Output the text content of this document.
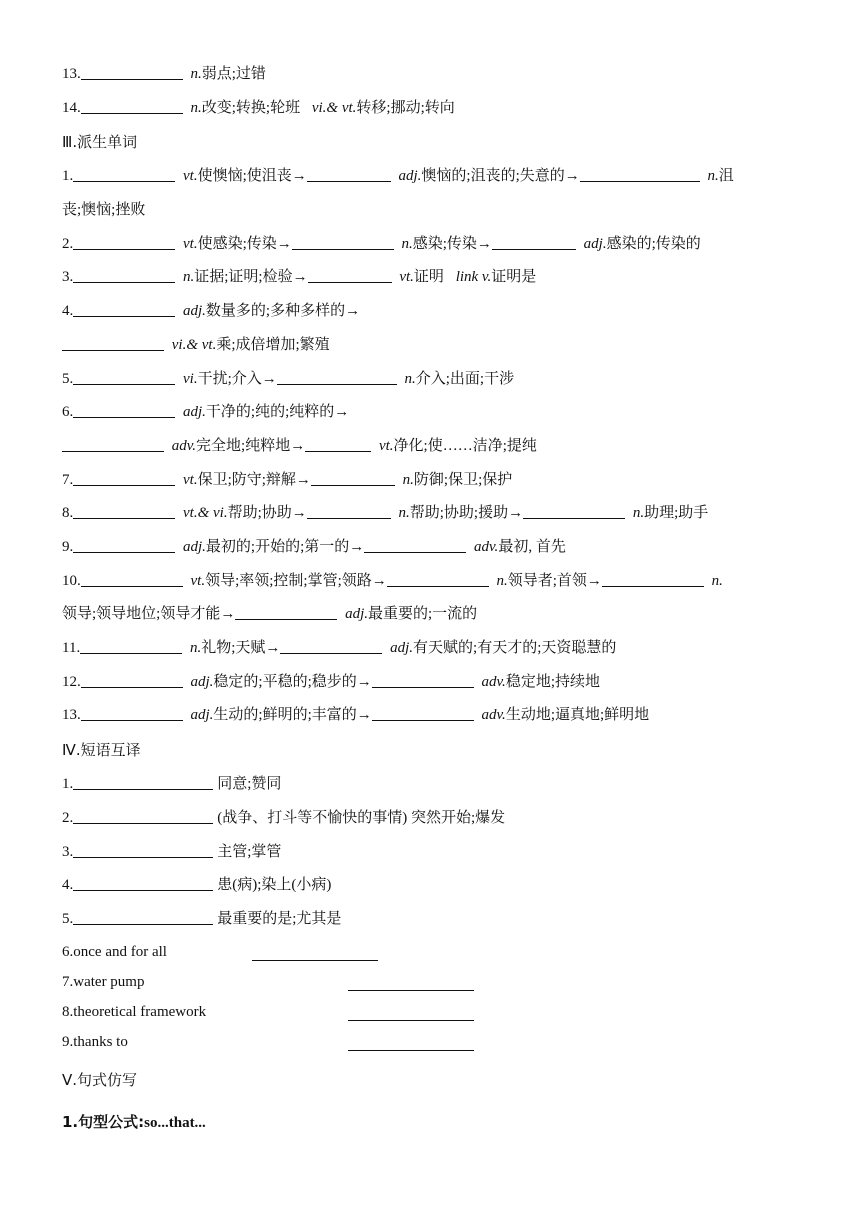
13.	n.弱点;过错
14.	n.改变;转换;轮班 vi.& vt.转移;挪动;转向
Ⅲ.派生单词
1.	vt.使懊恼;使沮丧→	adj.懊恼的;沮丧的;失意的→	n.沮
丧;懊恼;挫败
2.	vt.使感染;传染→	n.感染;传染→	adj.感染的;传染的
3.	n.证据;证明;检验→	vt.证明 link v.证明是
4.	adj.数量多的;多种多样的→
vi.& vt.乘;成倍增加;繁殖
5.	vi.干扰;介入→	n.介入;出面;干涉
6.	adj.干净的;纯的;纯粹的→
adv.完全地;纯粹地→	vt.净化;使……洁净;提纯
7.	vt.保卫;防守;辩解→	n.防御;保卫;保护
8.	vt.& vi.帮助;协助→	n.帮助;协助;援助→	n.助理;助手
9.	adj.最初的;开始的;第一的→	adv.最初, 首先
10.	vt.领导;率领;控制;掌管;领路→	n.领导者;首领→	n.
领导;领导地位;领导才能→	adj.最重要的;一流的
11.	n.礼物;天赋→	adj.有天赋的;有天才的;天资聪慧的
12.	adj.稳定的;平稳的;稳步的→	adv.稳定地;持续地
13.	adj.生动的;鲜明的;丰富的→	adv.生动地;逼真地;鲜明地
Ⅳ.短语互译
1.	同意;赞同
2.	(战争、打斗等不愉快的事情) 突然开始;爆发
3.	主管;掌管
4.	患(病);染上(小病)
5.	最重要的是;尤其是
6.once and for all
7.water pump
8.theoretical framework
9.thanks to
Ⅴ.句式仿写
1.句型公式:so...that...
